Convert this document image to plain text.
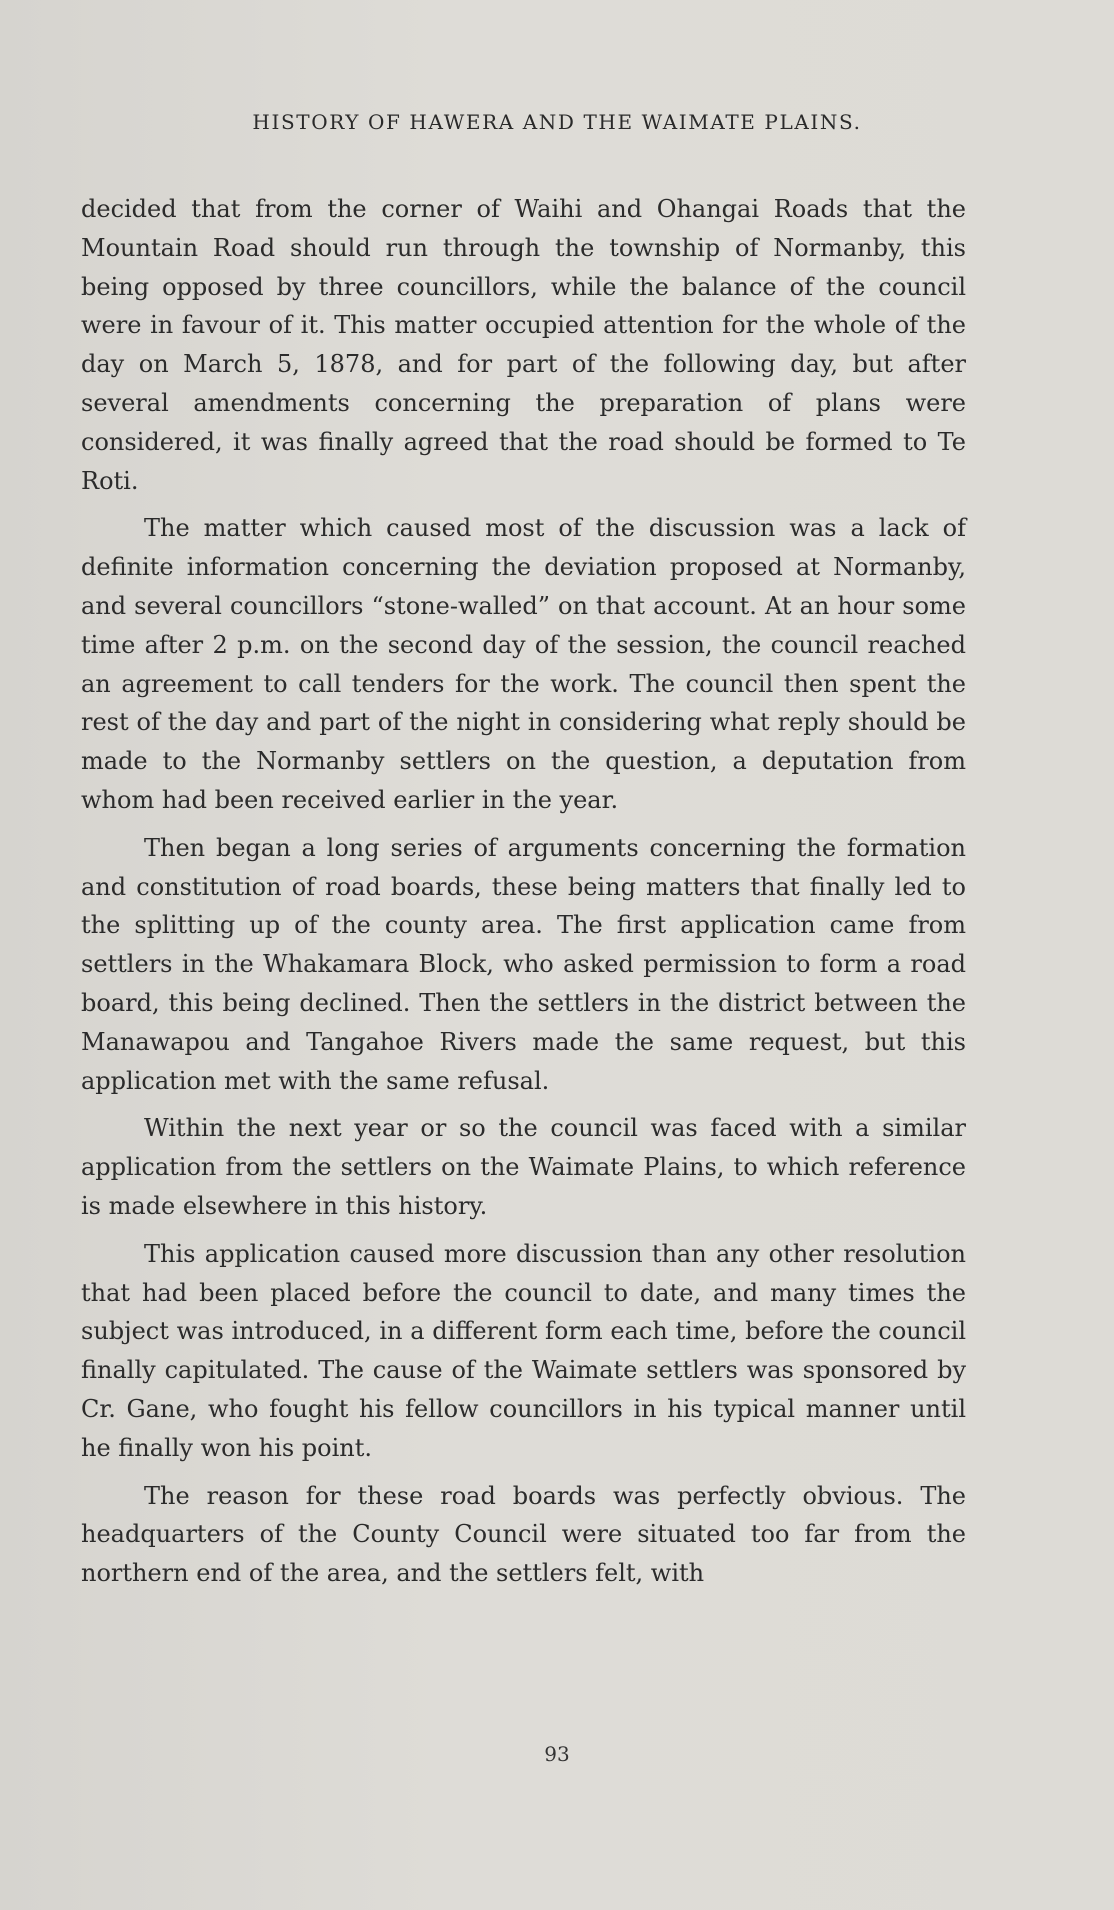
HISTORY OF HAWERA AND THE WAIMATE PLAINS.

decided that from the corner of Waihi and Ohangai Roads that the Mountain Road should run through the township of Normanby, this being opposed by three councillors, while the balance of the council were in favour of it. This matter occupied attention for the whole of the day on March 5, 1878, and for part of the following day, but after several amendments concerning the preparation of plans were considered, it was finally agreed that the road should be formed to Te Roti.

The matter which caused most of the discussion was a lack of definite information concerning the deviation proposed at Normanby, and several councillors “stone-walled” on that account. At an hour some time after 2 p.m. on the second day of the session, the council reached an agreement to call tenders for the work. The council then spent the rest of the day and part of the night in considering what reply should be made to the Normanby settlers on the question, a deputation from whom had been received earlier in the year.

Then began a long series of arguments concerning the formation and constitution of road boards, these being matters that finally led to the splitting up of the county area. The first application came from settlers in the Whakamara Block, who asked permission to form a road board, this being declined. Then the settlers in the district between the Manawapou and Tangahoe Rivers made the same request, but this application met with the same refusal.

Within the next year or so the council was faced with a similar application from the settlers on the Waimate Plains, to which reference is made elsewhere in this history.

This application caused more discussion than any other resolution that had been placed before the council to date, and many times the subject was introduced, in a different form each time, before the council finally capitulated. The cause of the Waimate settlers was sponsored by Cr. Gane, who fought his fellow councillors in his typical manner until he finally won his point.

The reason for these road boards was perfectly obvious. The headquarters of the County Council were situated too far from the northern end of the area, and the settlers felt, with

93
